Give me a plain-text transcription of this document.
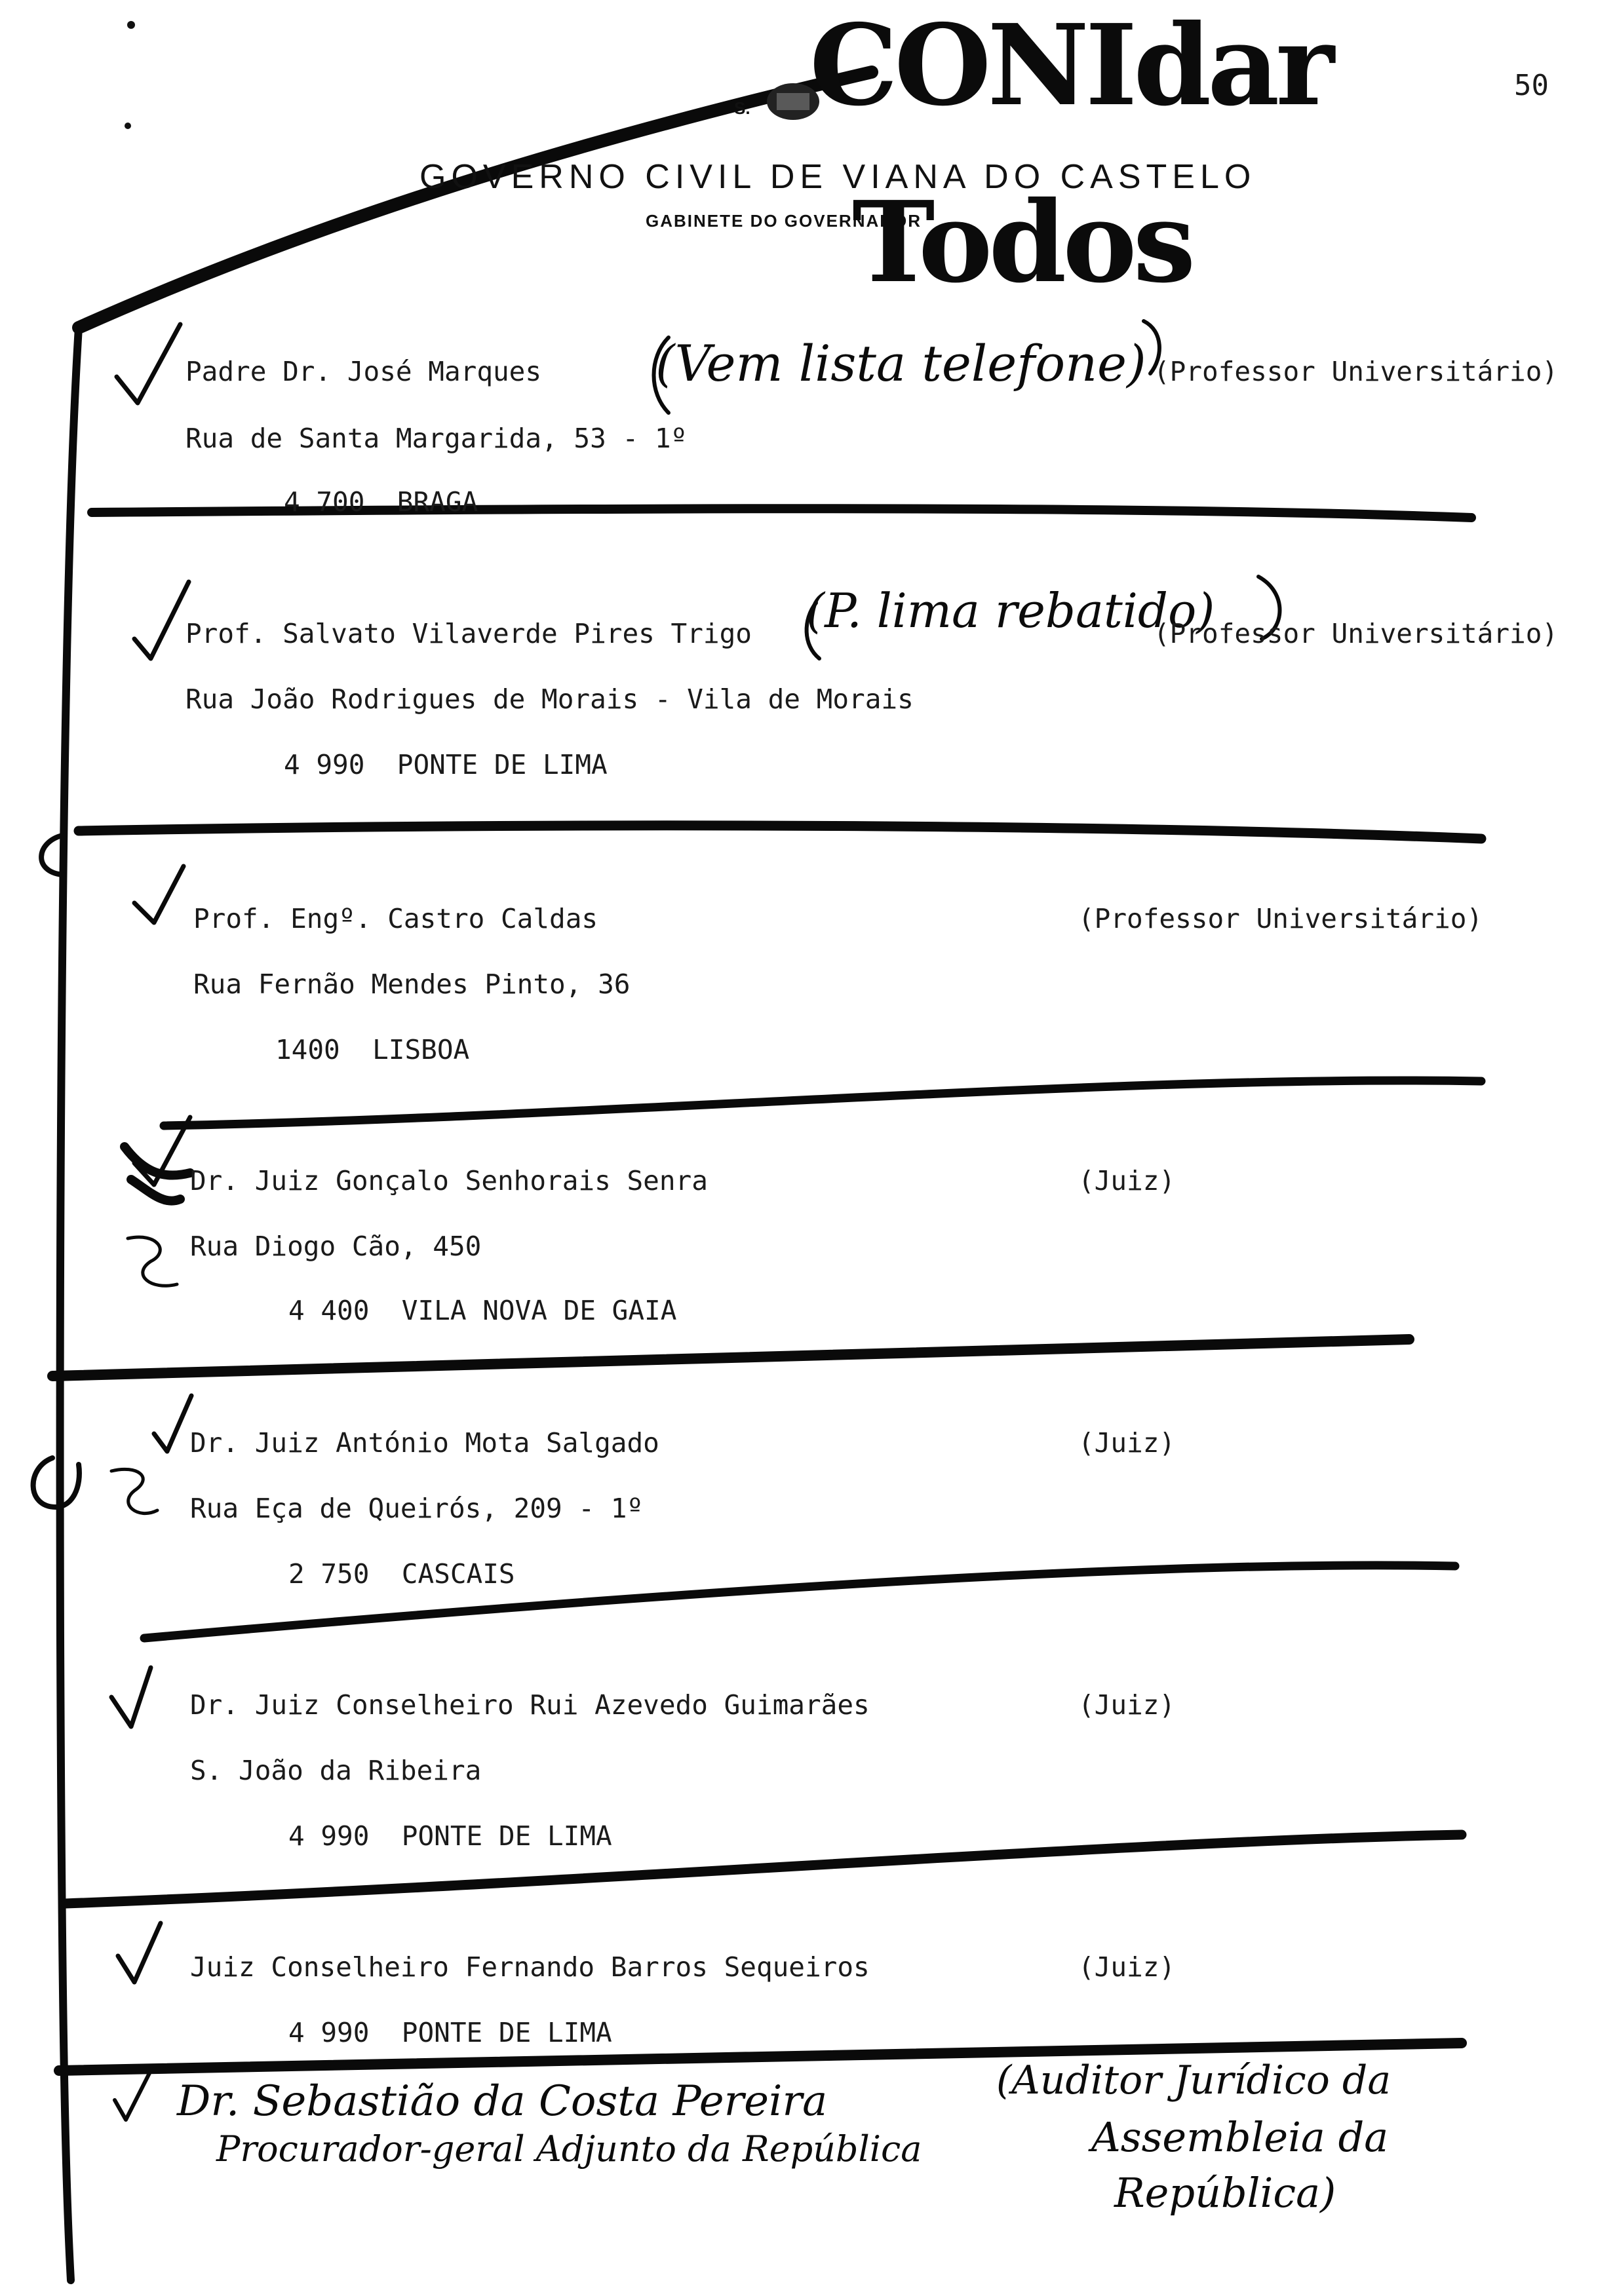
50
S.
GOVERNO CIVIL DE VIANA DO CASTELO
GABINETE DO GOVERNADOR
CONIdar
Todos
Padre Dr. José Marques (Vem lista telefone) (Professor Universitário)
Rua de Santa Margarida, 53 - 1º
4 700  BRAGA
Prof. Salvato Vilaverde Pires Trigo (P. lima rebatido)
(Professor Universitário)
Rua João Rodrigues de Morais - Vila de Morais
4 990  PONTE DE LIMA
Prof. Engº. Castro Caldas	(Professor Universitário)
Rua Fernão Mendes Pinto, 36
1400  LISBOA
Dr. Juiz Gonçalo Senhorais Senra	(Juiz)
Rua Diogo Cão, 450
4 400  VILA NOVA DE GAIA
Dr. Juiz António Mota Salgado	(Juiz)
Rua Eça de Queirós, 209 - 1º
2 750  CASCAIS
Dr. Juiz Conselheiro Rui Azevedo Guimarães	(Juiz)
S. João da Ribeira
4 990  PONTE DE LIMA
Juiz Conselheiro Fernando Barros Sequeiros	(Juiz)
4 990  PONTE DE LIMA
Dr. Sebastião da Costa Pereira
Procurador-geral Adjunto da República
(Auditor Jurídico da
Assembleia da
República)
